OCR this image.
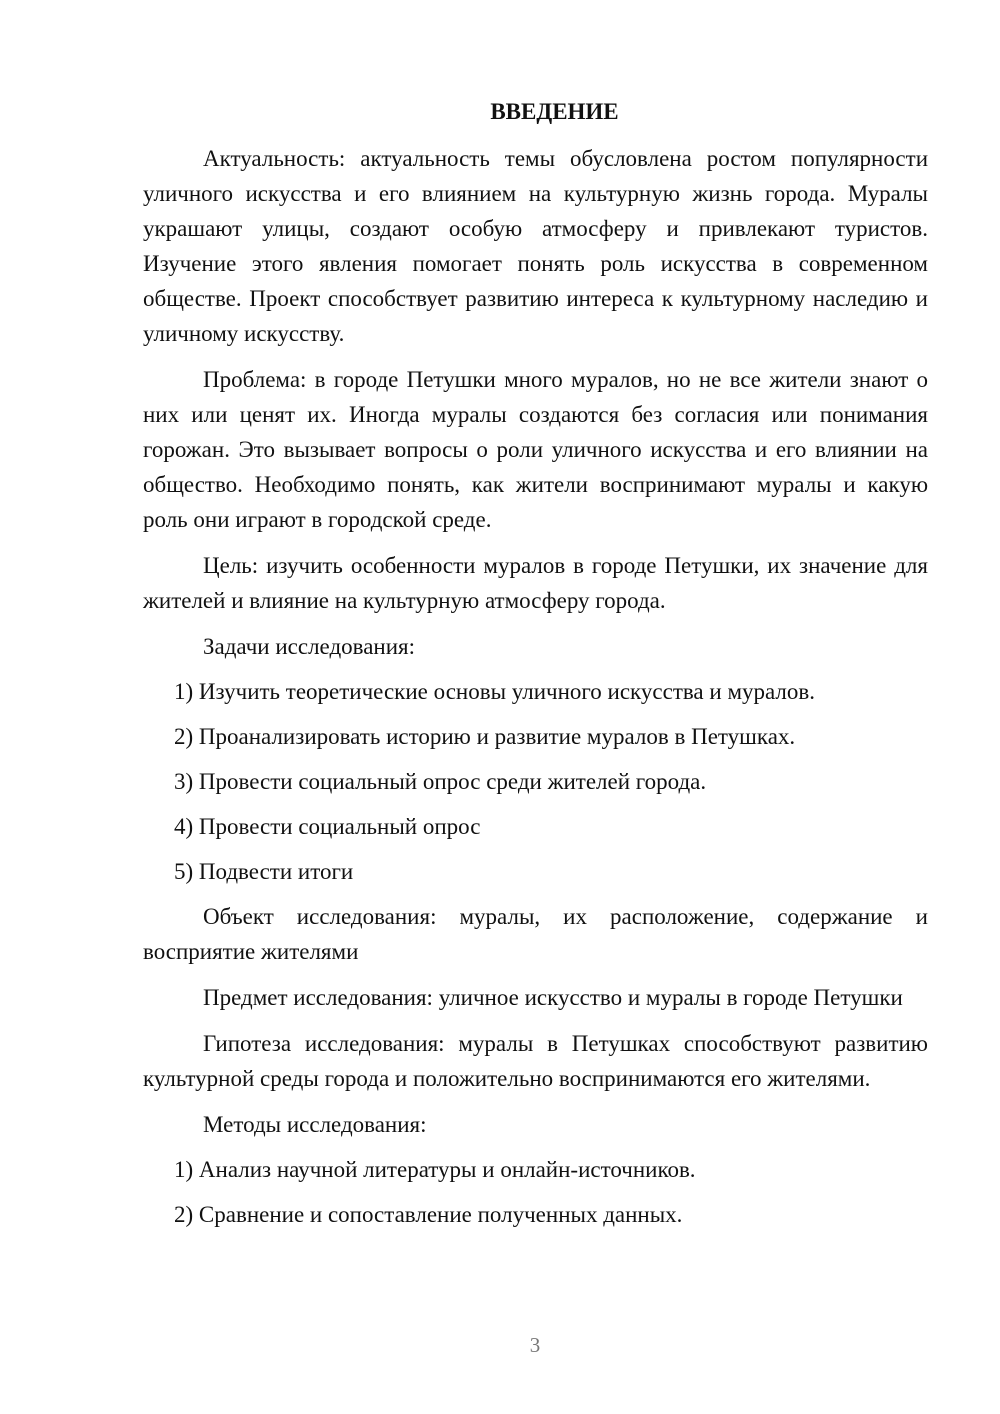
ВВЕДЕНИЕ

Актуальность: актуальность темы обусловлена ростом популярности уличного искусства и его влиянием на культурную жизнь города. Муралы украшают улицы, создают особую атмосферу и привлекают туристов. Изучение этого явления помогает понять роль искусства в современном обществе. Проект способствует развитию интереса к культурному наследию и уличному искусству.

Проблема: в городе Петушки много муралов, но не все жители знают о них или ценят их. Иногда муралы создаются без согласия или понимания горожан. Это вызывает вопросы о роли уличного искусства и его влиянии на общество. Необходимо понять, как жители воспринимают муралы и какую роль они играют в городской среде.

Цель: изучить особенности муралов в городе Петушки, их значение для жителей и влияние на культурную атмосферу города.

Задачи исследования:
1) Изучить теоретические основы уличного искусства и муралов.
2) Проанализировать историю и развитие муралов в Петушках.
3) Провести социальный опрос среди жителей города.
4) Провести социальный опрос
5) Подвести итоги

Объект исследования: муралы, их расположение, содержание и восприятие жителями

Предмет исследования: уличное искусство и муралы в городе Петушки

Гипотеза исследования: муралы в Петушках способствуют развитию культурной среды города и положительно воспринимаются его жителями.

Методы исследования:
1) Анализ научной литературы и онлайн-источников.
2) Сравнение и сопоставление полученных данных.
3
